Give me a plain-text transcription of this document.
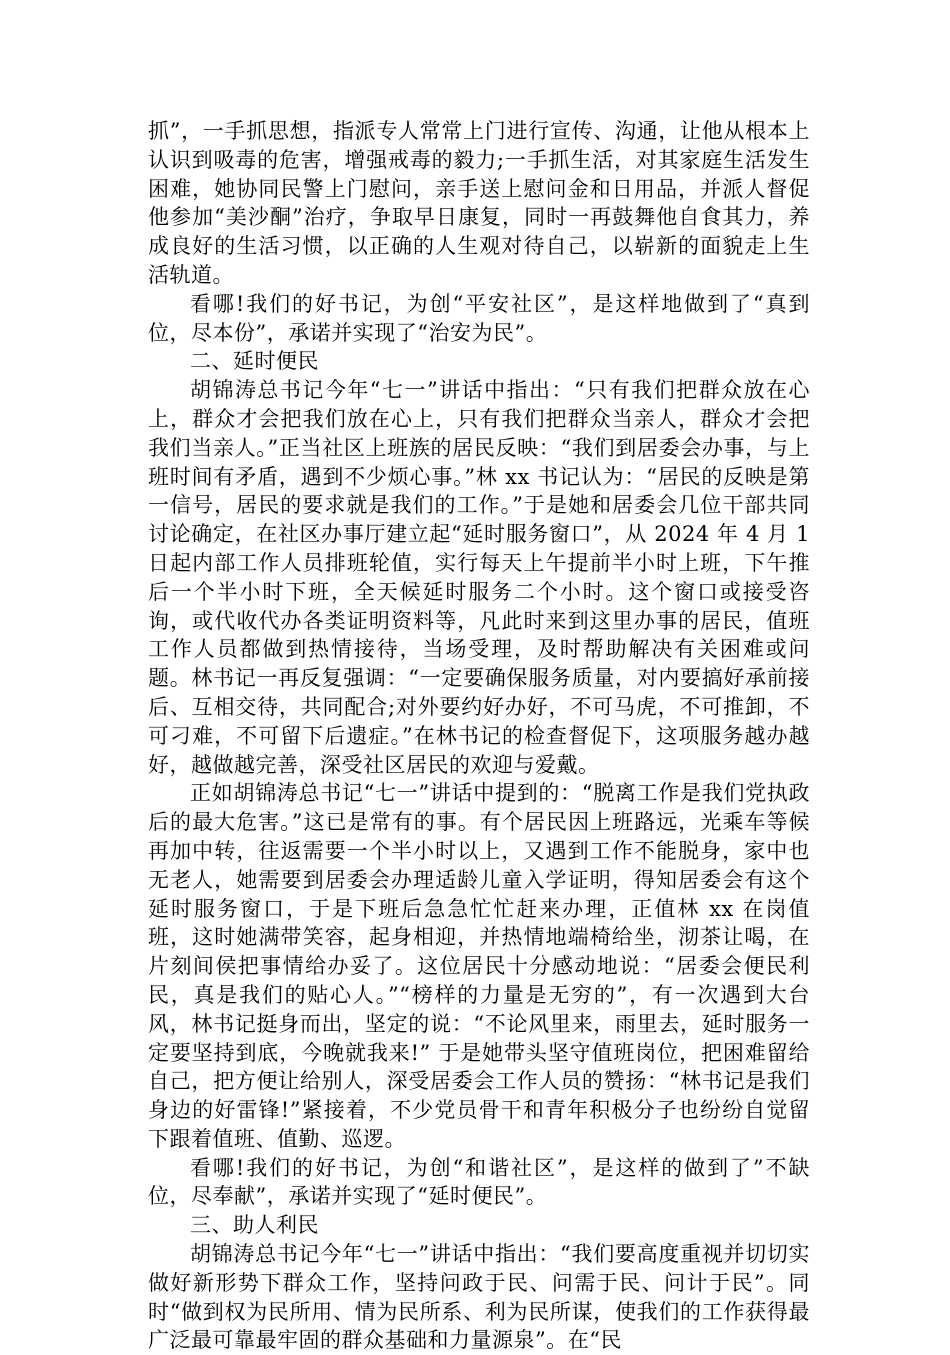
抓”，一手抓思想，指派专人常常上门进行宣传、沟通，让他从根本上认识到吸毒的危害，增强戒毒的毅力;一手抓生活，对其家庭生活发生困难，她协同民警上门慰问，亲手送上慰问金和日用品，并派人督促他参加“美沙酮”治疗，争取早日康复，同时一再鼓舞他自食其力，养成良好的生活习惯，以正确的人生观对待自己，以崭新的面貌走上生活轨道。

看哪!我们的好书记，为创“平安社区”，是这样地做到了“真到位，尽本份”，承诺并实现了“治安为民”。

二、延时便民

胡锦涛总书记今年“七一”讲话中指出：“只有我们把群众放在心上，群众才会把我们放在心上，只有我们把群众当亲人，群众才会把我们当亲人。”正当社区上班族的居民反映：“我们到居委会办事，与上班时间有矛盾，遇到不少烦心事。”林 xx 书记认为：“居民的反映是第一信号，居民的要求就是我们的工作。”于是她和居委会几位干部共同讨论确定，在社区办事厅建立起“延时服务窗口”，从 2024 年 4 月 1 日起内部工作人员排班轮值，实行每天上午提前半小时上班，下午推后一个半小时下班，全天候延时服务二个小时。这个窗口或接受咨询，或代收代办各类证明资料等，凡此时来到这里办事的居民，值班工作人员都做到热情接待，当场受理，及时帮助解决有关困难或问题。林书记一再反复强调：“一定要确保服务质量，对内要搞好承前接后、互相交待，共同配合;对外要约好办好，不可马虎，不可推卸，不可刁难，不可留下后遗症。”在林书记的检查督促下，这项服务越办越好，越做越完善，深受社区居民的欢迎与爱戴。

正如胡锦涛总书记“七一”讲话中提到的：“脱离工作是我们党执政后的最大危害。”这已是常有的事。有个居民因上班路远，光乘车等候再加中转，往返需要一个半小时以上，又遇到工作不能脱身，家中也无老人，她需要到居委会办理适龄儿童入学证明，得知居委会有这个延时服务窗口，于是下班后急急忙忙赶来办理，正值林 xx 在岗值班，这时她满带笑容，起身相迎，并热情地端椅给坐，沏茶让喝，在片刻间侯把事情给办妥了。这位居民十分感动地说：“居委会便民利民，真是我们的贴心人。”“榜样的力量是无穷的”，有一次遇到大台风，林书记挺身而出，坚定的说：“不论风里来，雨里去，延时服务一定要坚持到底，今晚就我来!” 于是她带头坚守值班岗位，把困难留给自己，把方便让给别人，深受居委会工作人员的赞扬：“林书记是我们身边的好雷锋!”紧接着，不少党员骨干和青年积极分子也纷纷自觉留下跟着值班、值勤、巡逻。

看哪!我们的好书记，为创“和谐社区”，是这样的做到了”不缺位，尽奉献”，承诺并实现了“延时便民”。

三、助人利民

胡锦涛总书记今年“七一”讲话中指出：“我们要高度重视并切切实做好新形势下群众工作，坚持问政于民、问需于民、问计于民”。同时“做到权为民所用、情为民所系、利为民所谋，使我们的工作获得最广泛最可靠最牢固的群众基础和力量源泉”。在“民
